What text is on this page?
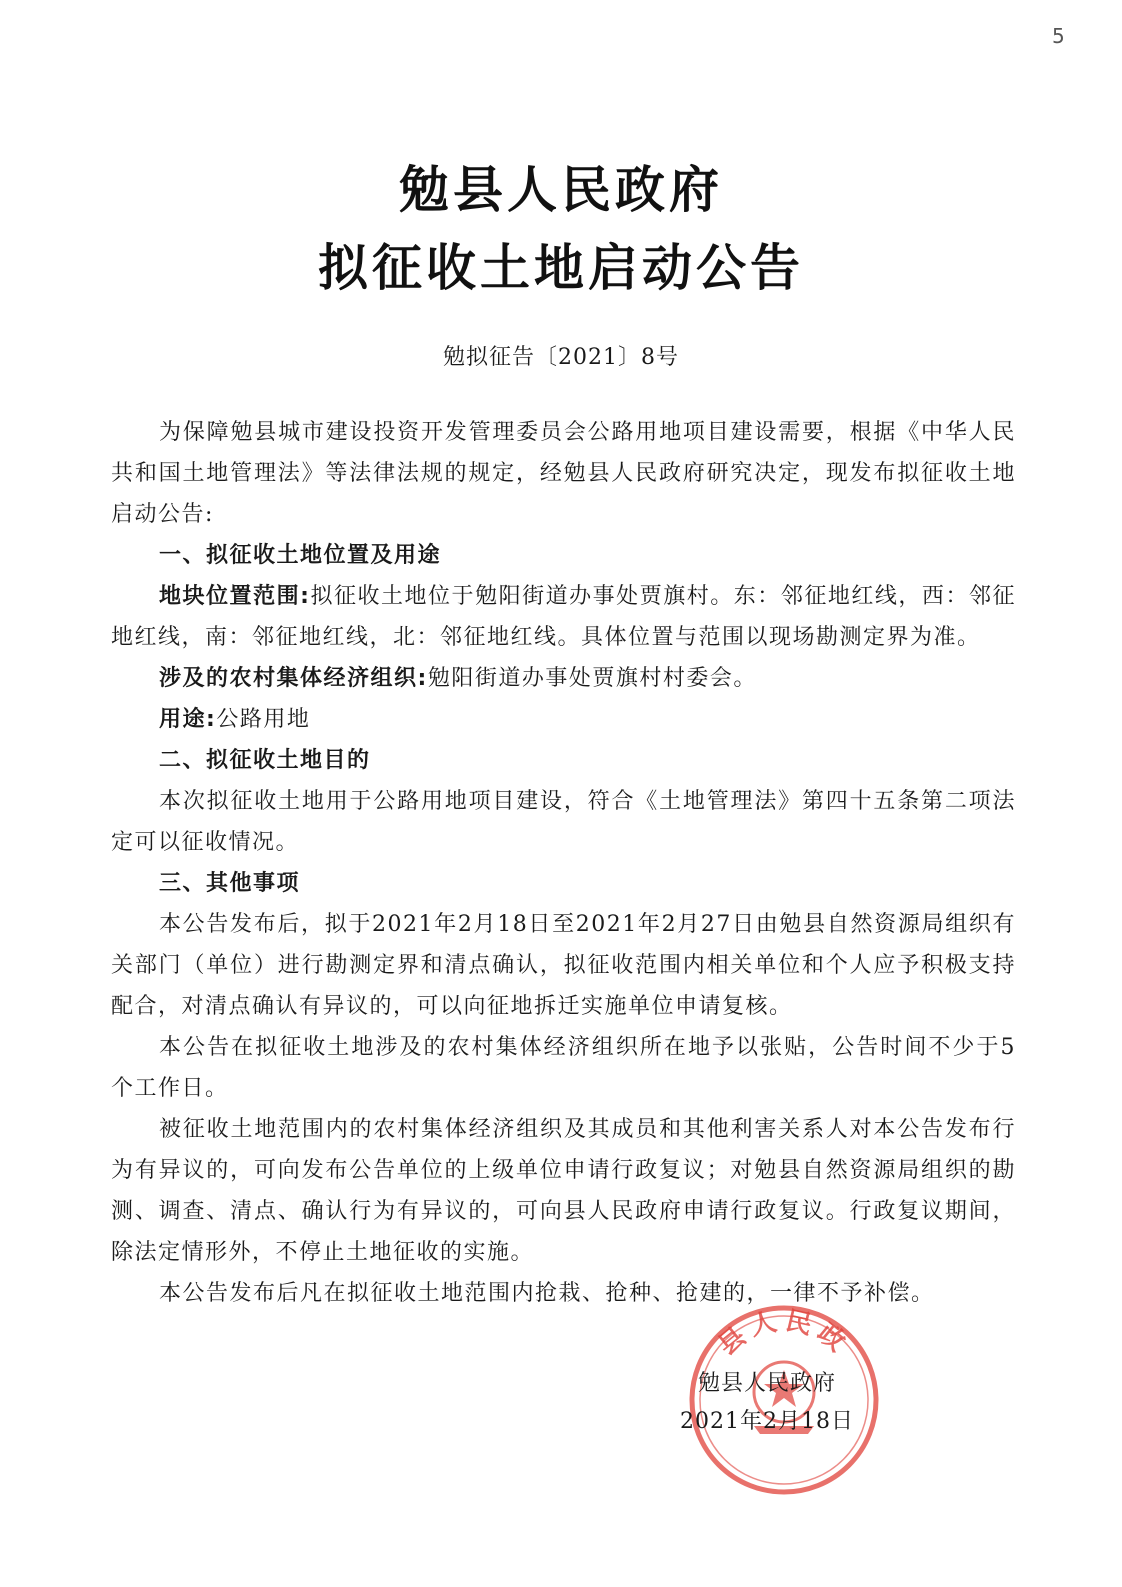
5
勉县人民政府
拟征收土地启动公告
勉拟征告〔2021〕8号

为保障勉县城市建设投资开发管理委员会公路用地项目建设需要，根据《中华人民共和国土地管理法》等法律法规的规定，经勉县人民政府研究决定，现发布拟征收土地启动公告:

一、拟征收土地位置及用途

地块位置范围:拟征收土地位于勉阳街道办事处贾旗村。东：邻征地红线，西：邻征地红线，南：邻征地红线，北：邻征地红线。具体位置与范围以现场勘测定界为准。

涉及的农村集体经济组织:勉阳街道办事处贾旗村村委会。

用途:公路用地

二、拟征收土地目的

本次拟征收土地用于公路用地项目建设，符合《土地管理法》第四十五条第二项法定可以征收情况。

三、其他事项

本公告发布后，拟于2021年2月18日至2021年2月27日由勉县自然资源局组织有关部门（单位）进行勘测定界和清点确认，拟征收范围内相关单位和个人应予积极支持配合，对清点确认有异议的，可以向征地拆迁实施单位申请复核。

本公告在拟征收土地涉及的农村集体经济组织所在地予以张贴，公告时间不少于5个工作日。

被征收土地范围内的农村集体经济组织及其成员和其他利害关系人对本公告发布行为有异议的，可向发布公告单位的上级单位申请行政复议；对勉县自然资源局组织的勘测、调查、清点、确认行为有异议的，可向县人民政府申请行政复议。行政复议期间，除法定情形外，不停止土地征收的实施。

本公告发布后凡在拟征收土地范围内抢栽、抢种、抢建的，一律不予补偿。

县人民政
勉县人民政府
2021年2月18日
